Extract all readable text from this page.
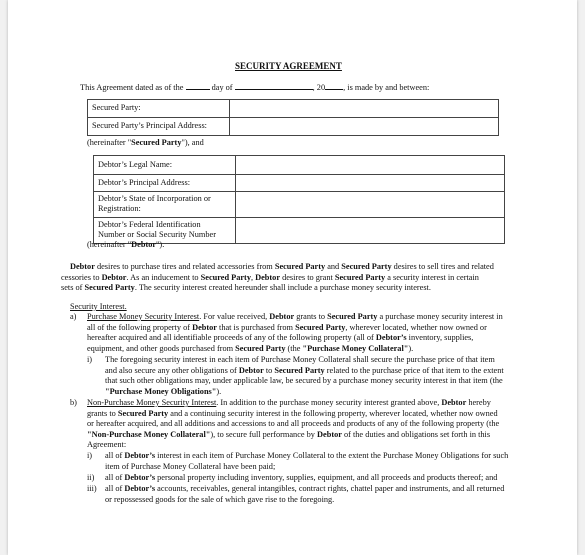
SECURITY AGREEMENT
This Agreement dated as of the	day of	, 20 , is made by and between:
Secured Party:	
Secured Party’s Principal Address:	
(hereinafter "Secured Party"), and
Debtor’s Legal Name:	
Debtor’s Principal Address:	
Debtor’s State of Incorporation or
Registration:	
Debtor’s Federal Identification
Number or Social Security Number	
(hereinafter "Debtor").
Debtor desires to purchase tires and related accessories from Secured Party and Secured Party desires to sell tires and related
cessories to Debtor. As an inducement to Secured Party, Debtor desires to grant Secured Party a security interest in certain
sets of Secured Party. The security interest created hereunder shall include a purchase money security interest.
Security Interest.
a) Purchase Money Security Interest. For value received, Debtor grants to Secured Party a purchase money security interest in
all of the following property of Debtor that is purchased from Secured Party, wherever located, whether now owned or
hereafter acquired and all identifiable proceeds of any of the following property (all of Debtor’s inventory, supplies,
equipment, and other goods purchased from Secured Party (the "Purchase Money Collateral").
i) The foregoing security interest in each item of Purchase Money Collateral shall secure the purchase price of that item
and also secure any other obligations of Debtor to Secured Party related to the purchase price of that item to the extent
that such other obligations may, under applicable law, be secured by a purchase money security interest in that item (the
"Purchase Money Obligations").
b) Non-Purchase Money Security Interest. In addition to the purchase money security interest granted above, Debtor hereby
grants to Secured Party and a continuing security interest in the following property, wherever located, whether now owned
or hereafter acquired, and all additions and accessions to and all proceeds and products of any of the following property (the
"Non-Purchase Money Collateral"), to secure full performance by Debtor of the duties and obligations set forth in this
Agreement:
i) all of Debtor’s interest in each item of Purchase Money Collateral to the extent the Purchase Money Obligations for such
item of Purchase Money Collateral have been paid;
ii) all of Debtor’s personal property including inventory, supplies, equipment, and all proceeds and products thereof; and
iii) all of Debtor’s accounts, receivables, general intangibles, contract rights, chattel paper and instruments, and all returned
or repossessed goods for the sale of which gave rise to the foregoing.
